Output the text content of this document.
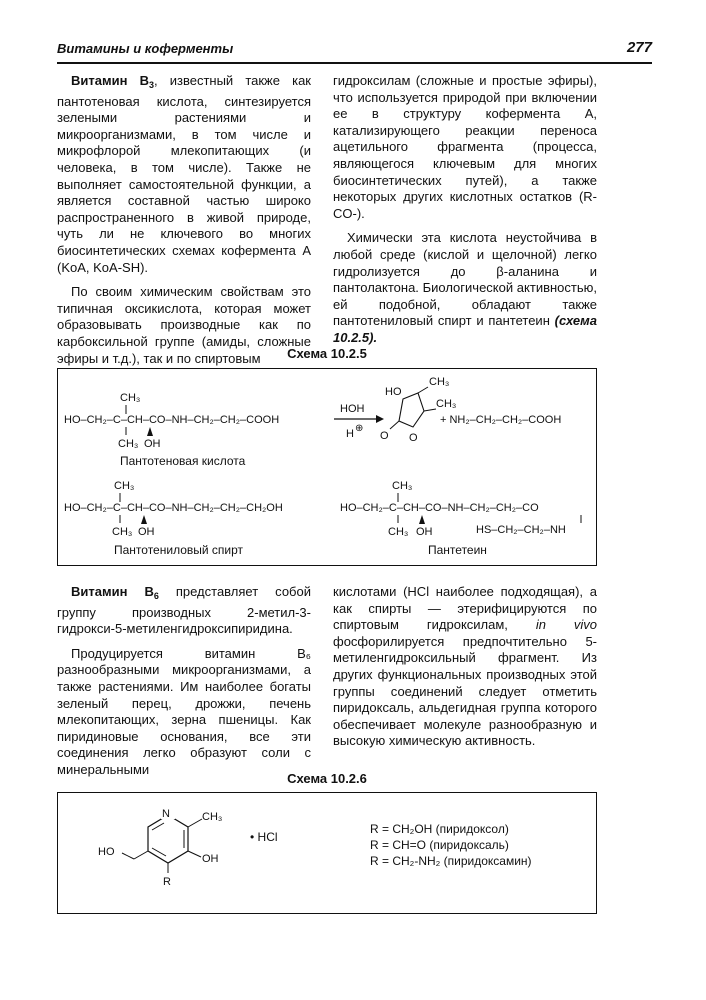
Витамины и коферменты	277

Витамин $B_3$, известный также как пантотеновая кислота, синтезируется зелеными растениями и микроорганизмами, в том числе и микрофлорой млекопитающих (и человека, в том числе). Также не выполняет самостоятельной функции, а является составной частью широко распространенного в живой природе, чуть ли не ключевого во многих биосинтетических схемах кофермента A (KoA, KoA-SH).

По своим химическим свойствам это типичная оксикислота, которая может образовывать производные как по карбоксильной группе (амиды, сложные эфиры и т.д.), так и по спиртовым

гидроксилам (сложные и простые эфиры), что используется природой при включении ее в структуру кофермента A, катализирующего реакции переноса ацетильного фрагмента (процесса, являющегося ключевым для многих биосинтетических путей), а также некоторых других кислотных остатков (R-CO-).

Химически эта кислота неустойчива в любой среде (кислой и щелочной) легко гидролизуется до β-аланина и пантолактона. Биологической активностью, ей подобной, обладают также пантотениловый спирт и пантетеин (схема 10.2.5).

Схема 10.2.5
HO–CH₂–C–CH–CO–NH–CH₂–CH₂–COOH
CH₃
CH₃ OH
HOH
H ⊕
HO
CH₃
CH₃
O
O
+ NH₂–CH₂–CH₂–COOH
Пантотеновая кислота
HO–CH₂–C–CH–CO–NH–CH₂–CH₂–CH₂OH
CH₃
CH₃ OH
Пантотениловый спирт
HO–CH₂–C–CH–CO–NH–CH₂–CH₂–CO
CH₃
CH₃ OH	HS–CH₂–CH₂–NH
Пантетеин

Витамин $B_6$ представляет собой группу производных 2-метил-3-гидрокси-5-метиленгидроксипиридина.

Продуцируется витамин B₆ разнообразными микроорганизмами, а также растениями. Им наиболее богаты зеленый перец, дрожжи, печень млекопитающих, зерна пшеницы. Как пиридиновые основания, все эти соединения легко образуют соли с минеральными

кислотами (HCl наиболее подходящая), а как спирты — этерифицируются по спиртовым гидроксилам, in vivo фосфорилируется предпочтительно 5-метиленгидроксильный фрагмент. Из других функциональных производных этой группы соединений следует отметить пиридоксаль, альдегидная группа которого обеспечивает молекуле разнообразную и высокую химическую активность.

Схема 10.2.6
N	CH₃
OH
R
HO
• HCl
R = CH₂OH (пиридоксол)
R = CH=O (пиридоксаль)
R = CH₂-NH₂ (пиридоксамин)
